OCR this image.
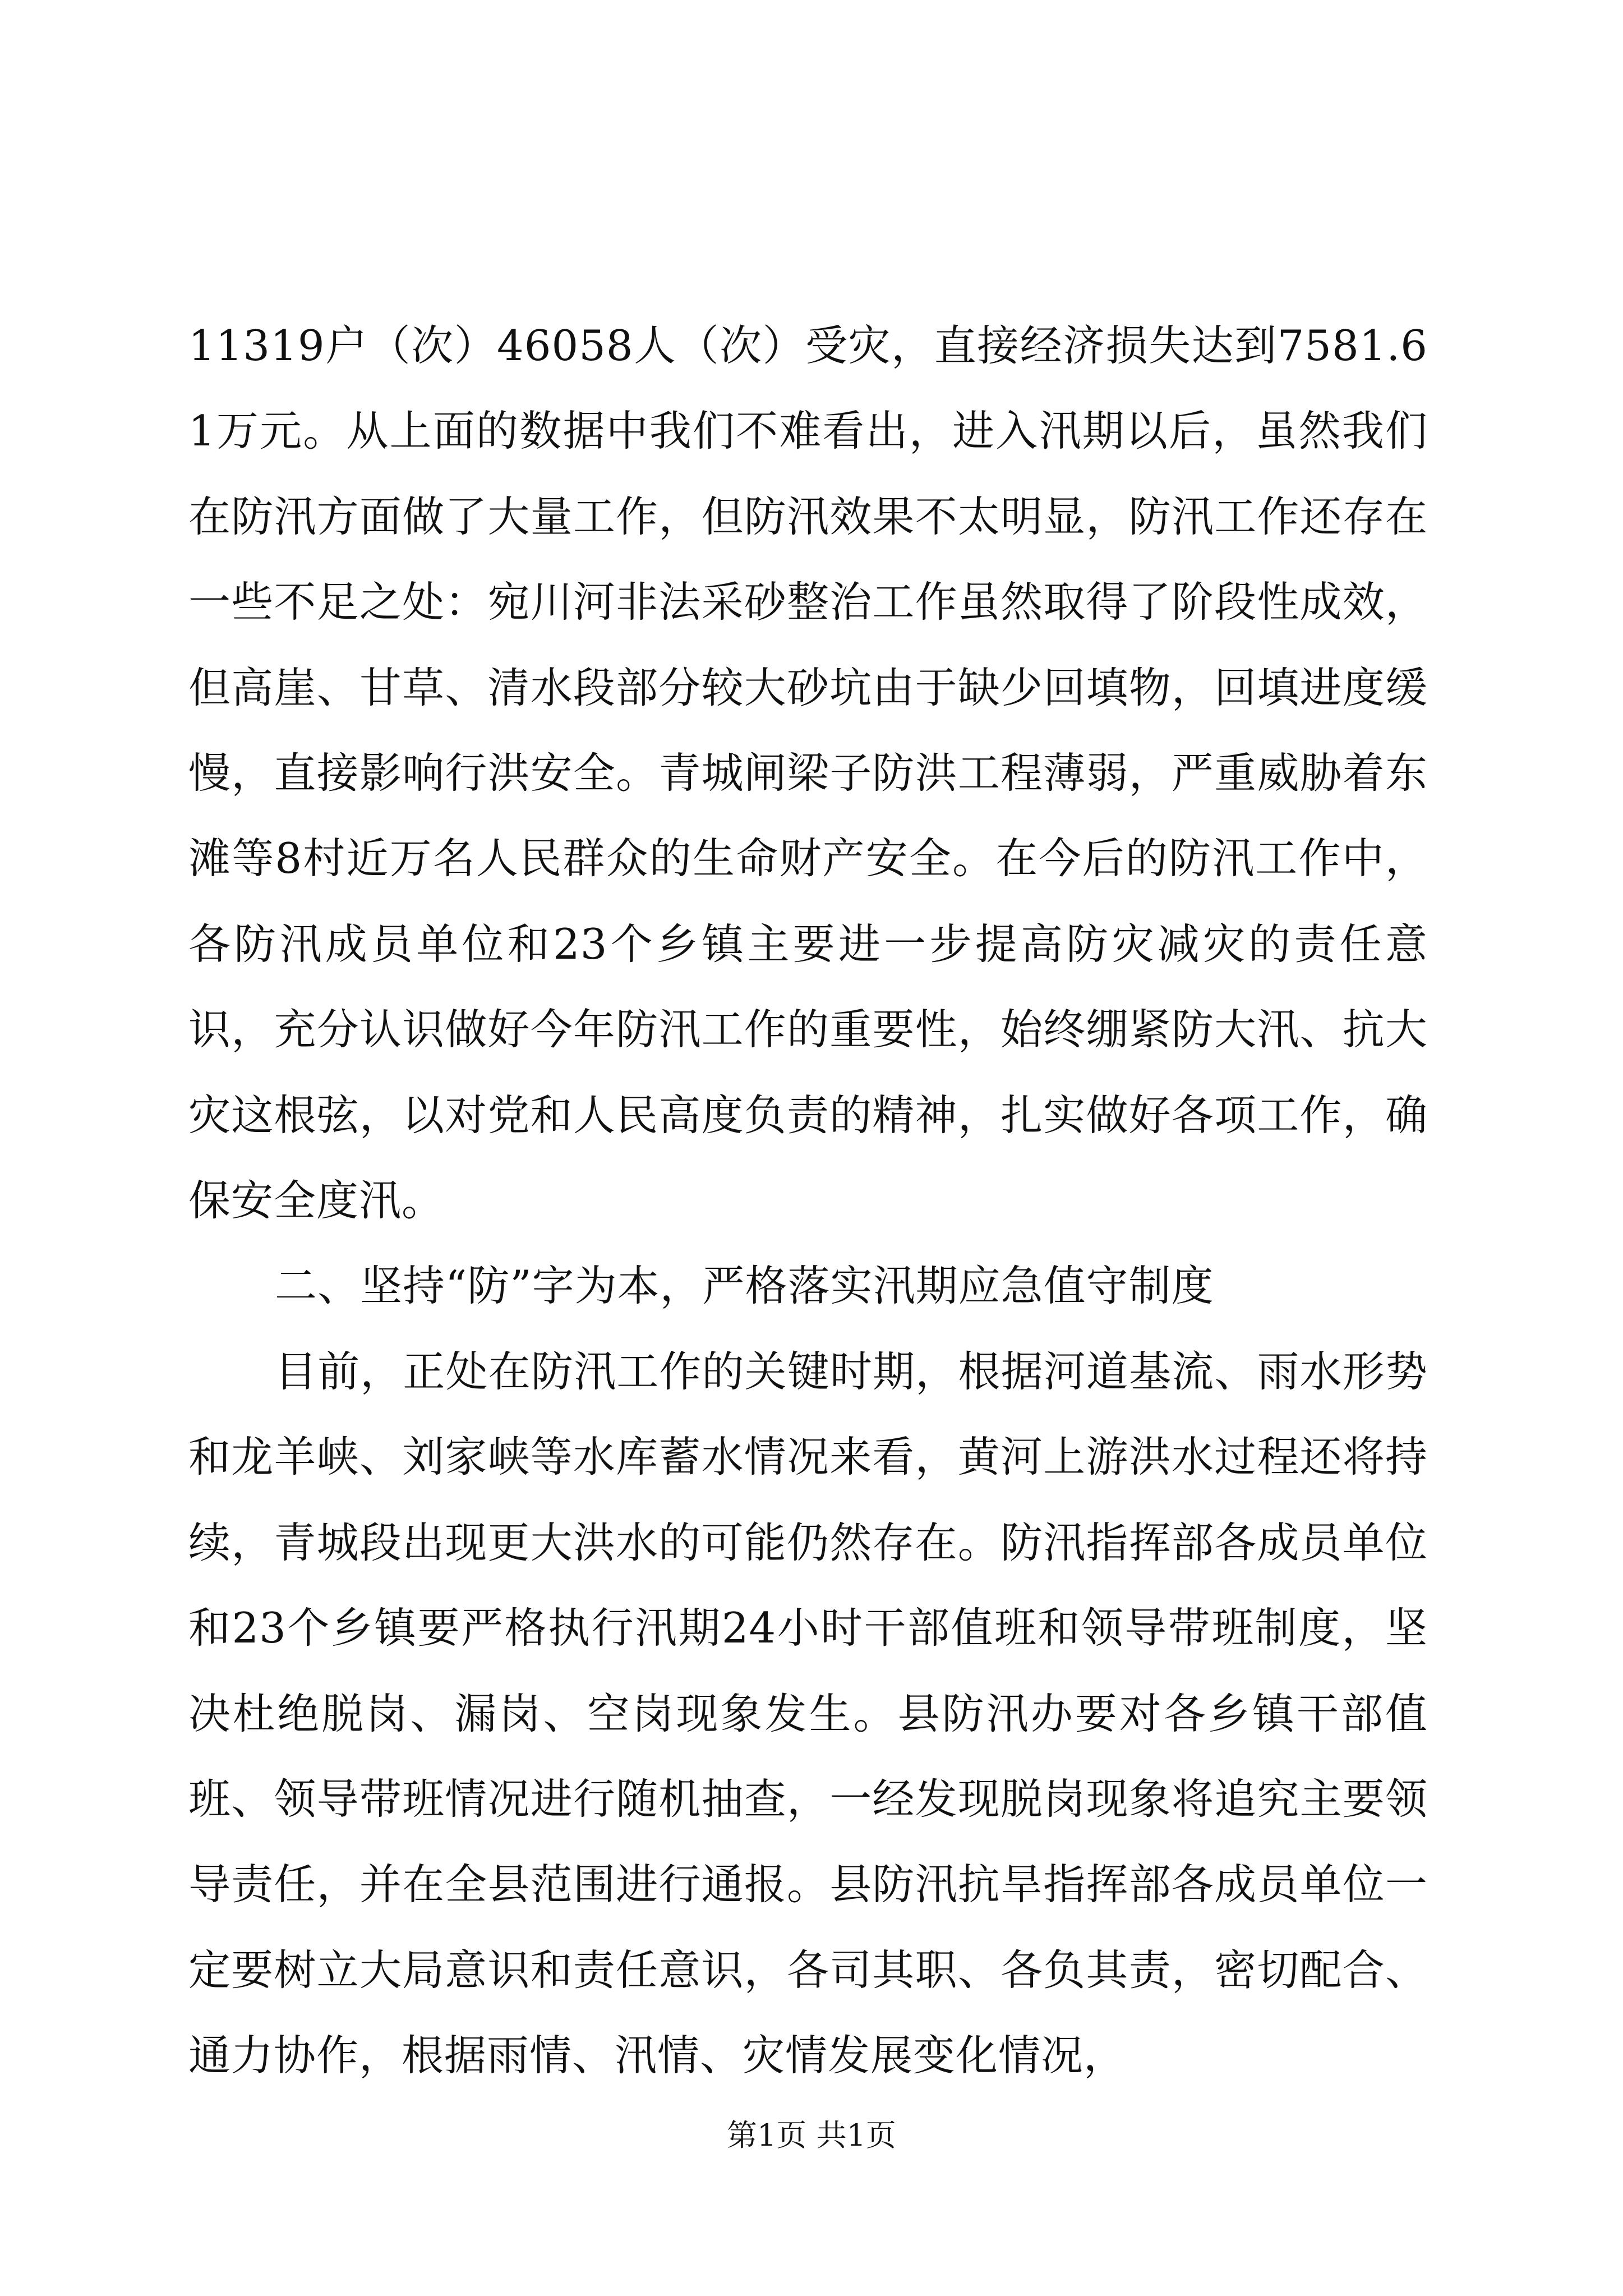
11319户（次）46058人（次）受灾，直接经济损失达到7581.61万元。从上面的数据中我们不难看出，进入汛期以后，虽然我们在防汛方面做了大量工作，但防汛效果不太明显，防汛工作还存在一些不足之处：宛川河非法采砂整治工作虽然取得了阶段性成效，但高崖、甘草、清水段部分较大砂坑由于缺少回填物，回填进度缓慢，直接影响行洪安全。青城闸梁子防洪工程薄弱，严重威胁着东滩等8村近万名人民群众的生命财产安全。在今后的防汛工作中，各防汛成员单位和23个乡镇主要进一步提高防灾减灾的责任意识，充分认识做好今年防汛工作的重要性，始终绷紧防大汛、抗大灾这根弦，以对党和人民高度负责的精神，扎实做好各项工作，确保安全度汛。

二、坚持“防”字为本，严格落实汛期应急值守制度

目前，正处在防汛工作的关键时期，根据河道基流、雨水形势和龙羊峡、刘家峡等水库蓄水情况来看，黄河上游洪水过程还将持续，青城段出现更大洪水的可能仍然存在。防汛指挥部各成员单位和23个乡镇要严格执行汛期24小时干部值班和领导带班制度，坚决杜绝脱岗、漏岗、空岗现象发生。县防汛办要对各乡镇干部值班、领导带班情况进行随机抽查，一经发现脱岗现象将追究主要领导责任，并在全县范围进行通报。县防汛抗旱指挥部各成员单位一定要树立大局意识和责任意识，各司其职、各负其责，密切配合、通力协作，根据雨情、汛情、灾情发展变化情况，

第1页 共1页
